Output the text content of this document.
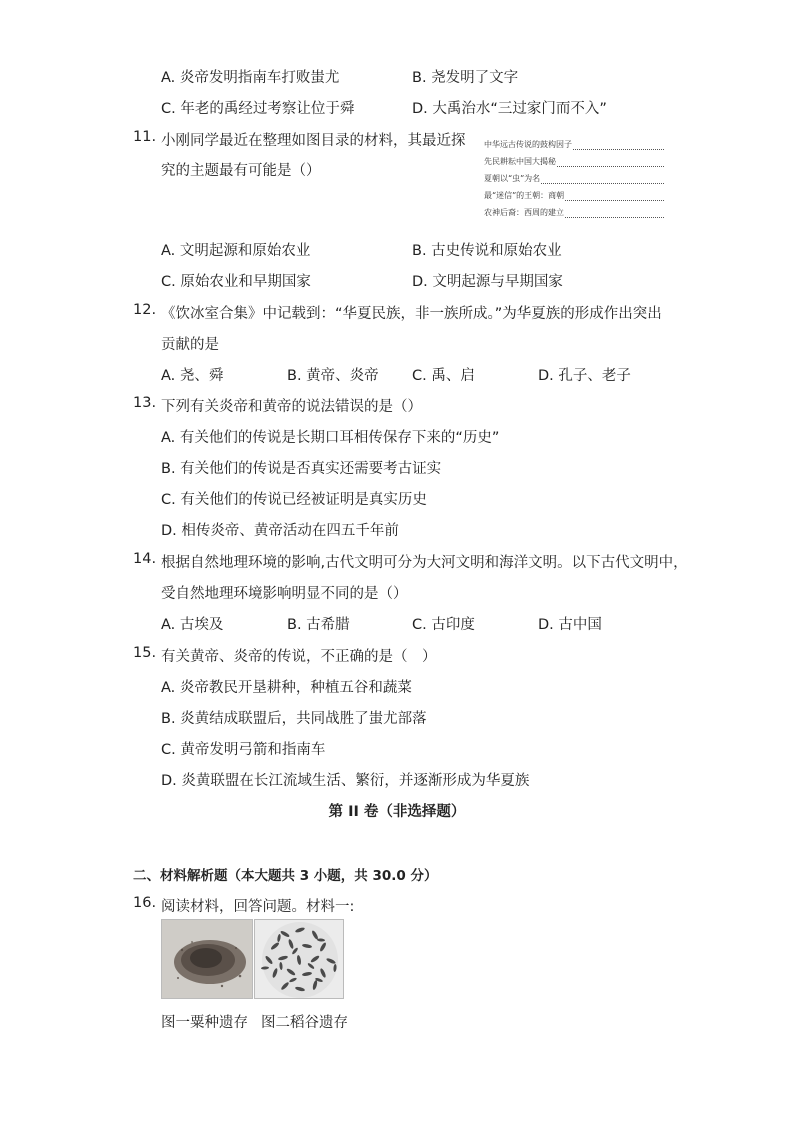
A. 炎帝发明指南车打败蚩尤	B. 尧发明了文字
C. 年老的禹经过考察让位于舜	D. 大禹治水“三过家门而不入”
11. 小刚同学最近在整理如图目录的材料，其最近探
究的主题最有可能是（）
中华远古传说的鼓构因子
先民耕耘中国大揭秘
夏朝以“虫”为名
最“迷信”的王朝：商朝
农神后裔：西周的建立
A. 文明起源和原始农业	B. 古史传说和原始农业
C. 原始农业和早期国家	D. 文明起源与早期国家
12. 《饮冰室合集》中记载到：“华夏民族，非一族所成。”为华夏族的形成作出突出
贡献的是
A. 尧、舜	B. 黄帝、炎帝 C. 禹、启	D. 孔子、老子
13. 下列有关炎帝和黄帝的说法错误的是（）
A. 有关他们的传说是长期口耳相传保存下来的“历史”
B. 有关他们的传说是否真实还需要考古证实
C. 有关他们的传说已经被证明是真实历史
D. 相传炎帝、黄帝活动在四五千年前
14. 根据自然地理环境的影响,古代文明可分为大河文明和海洋文明。以下古代文明中，
受自然地理环境影响明显不同的是（）
A. 古埃及	B. 古希腊	C. 古印度	D. 古中国
15. 有关黄帝、炎帝的传说，不正确的是（　）
A. 炎帝教民开垦耕种，种植五谷和蔬菜
B. 炎黄结成联盟后，共同战胜了蚩尤部落
C. 黄帝发明弓箭和指南车
D. 炎黄联盟在长江流域生活、繁衍，并逐渐形成为华夏族
第 II 卷（非选择题）
二、材料解析题（本大题共 3 小题，共 30.0 分）
16. 阅读材料，回答问题。材料一:
图一粟种遗存 图二稻谷遗存
